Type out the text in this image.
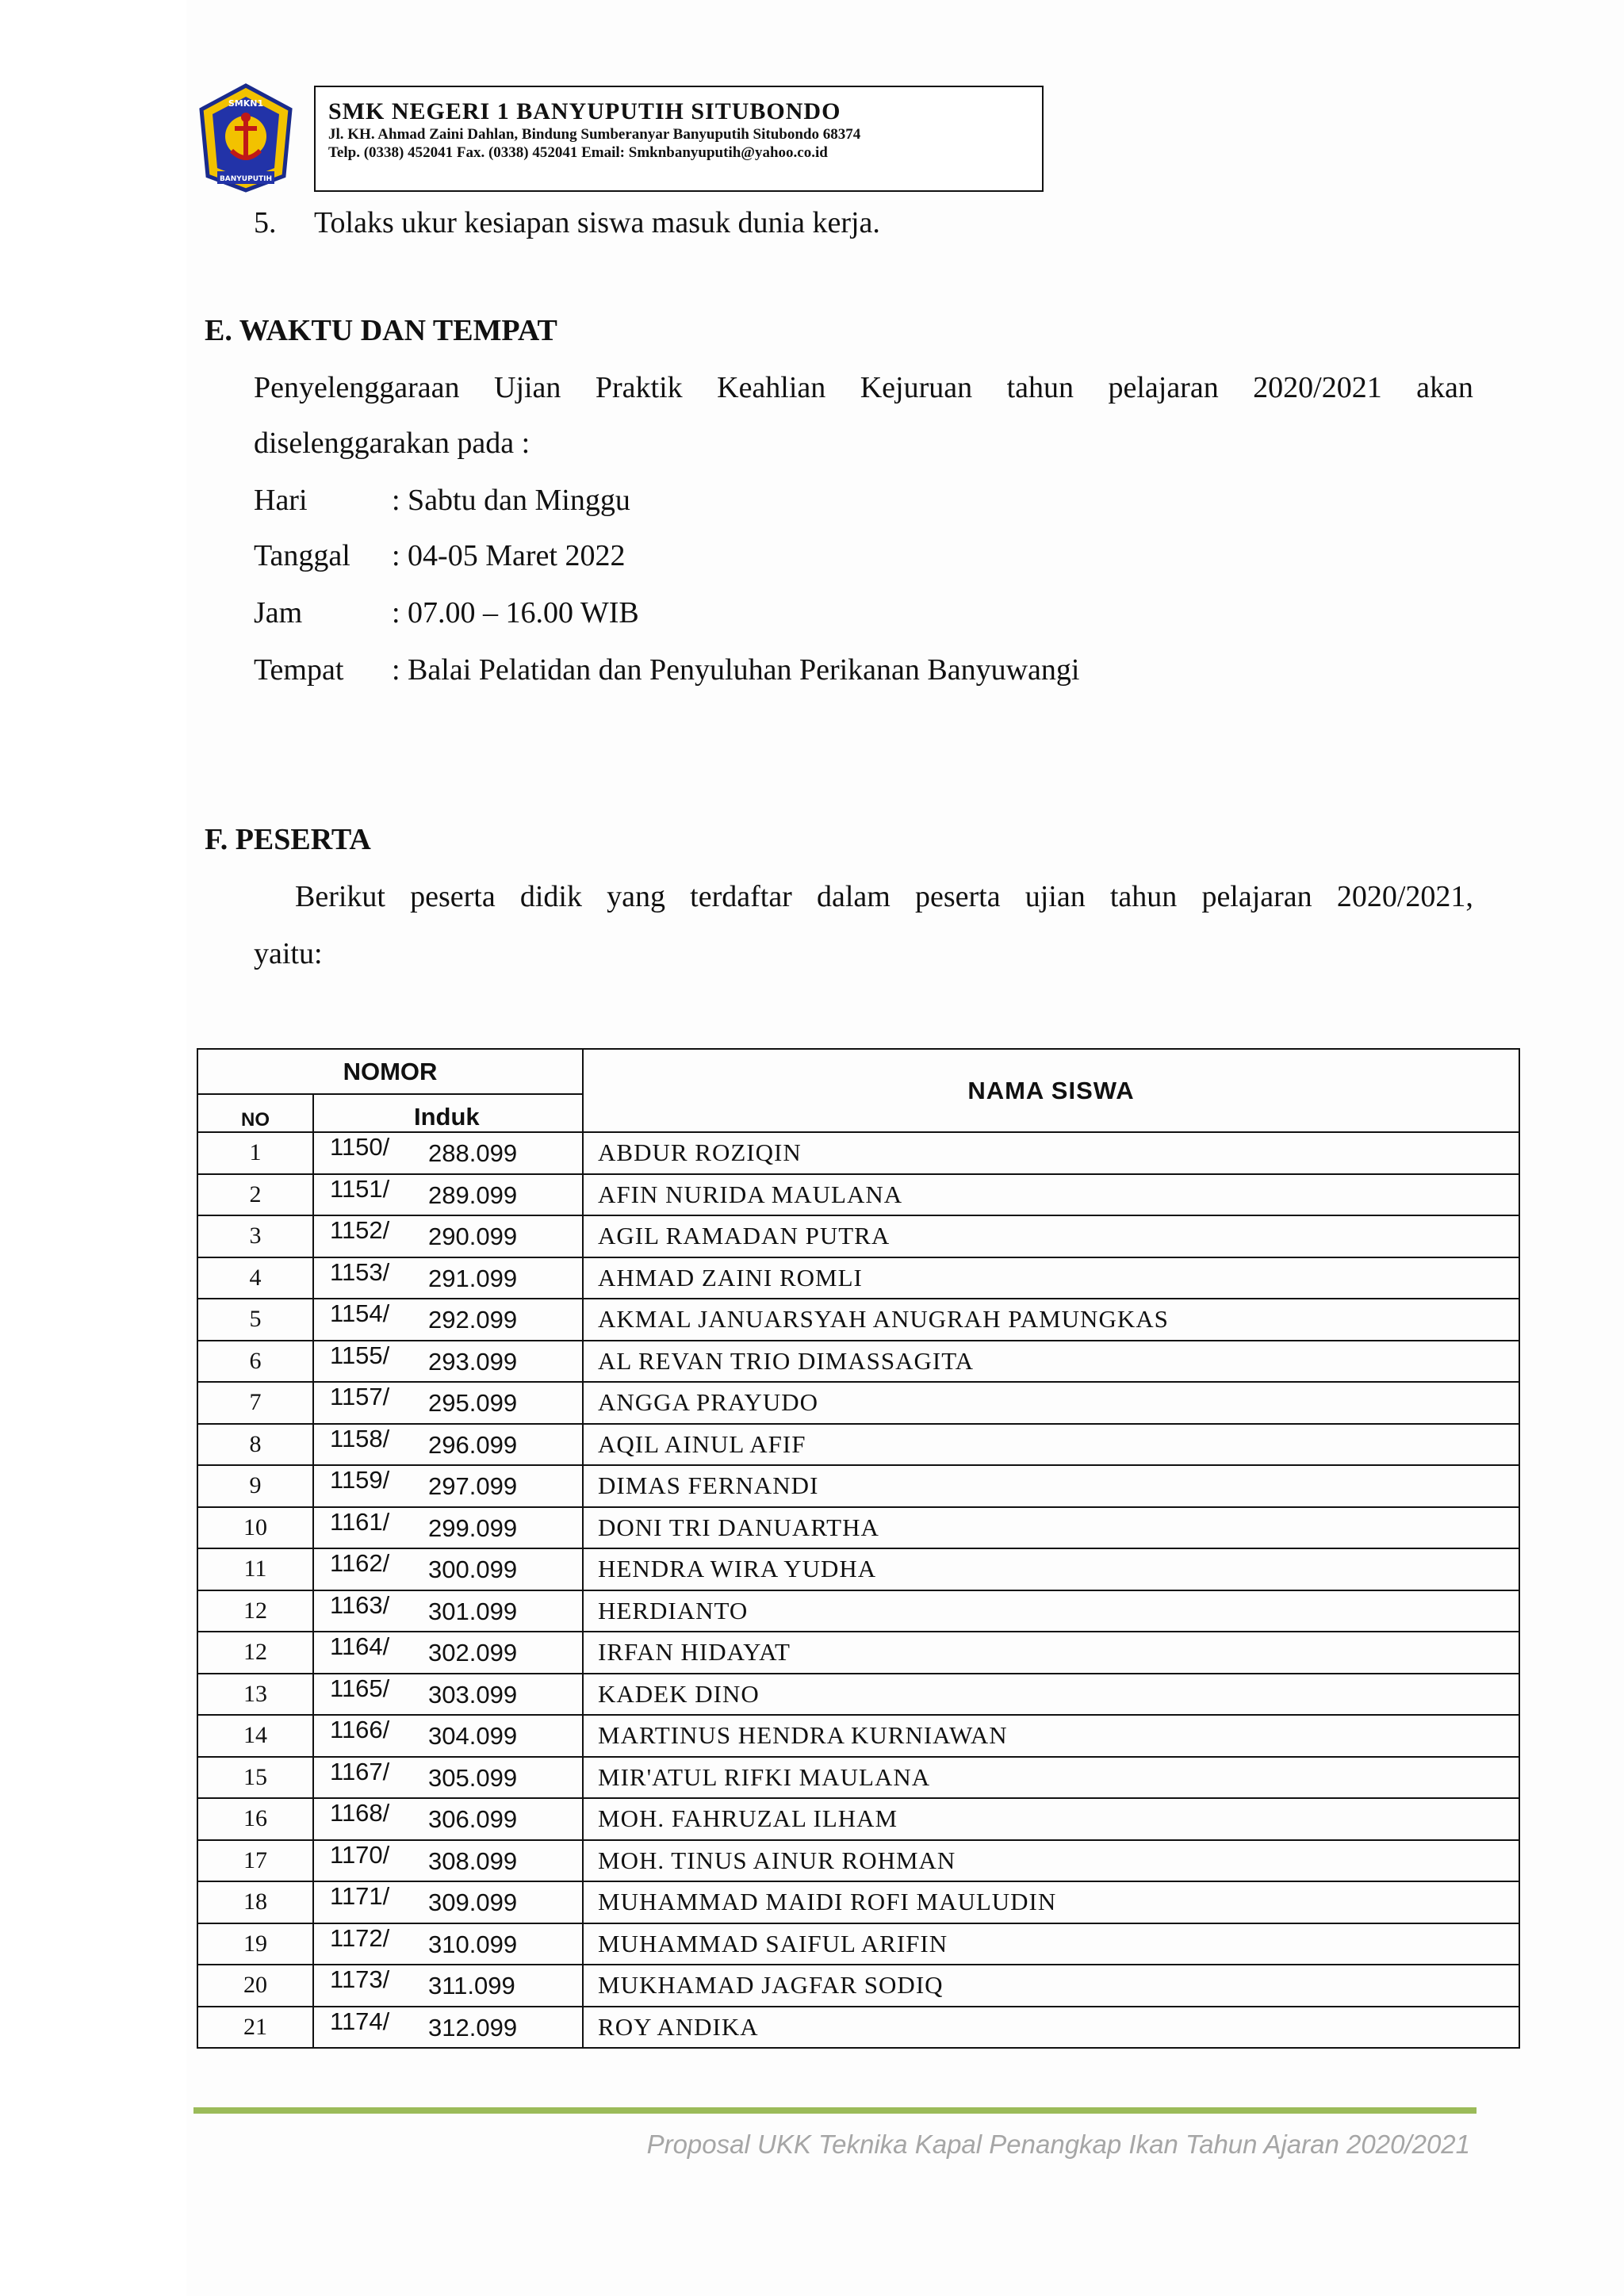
SMKN1
BANYUPUTIH
SMK NEGERI 1 BANYUPUTIH SITUBONDO
Jl. KH. Ahmad Zaini Dahlan, Bindung Sumberanyar Banyuputih Situbondo 68374
Telp. (0338) 452041 Fax. (0338) 452041 Email: Smknbanyuputih@yahoo.co.id
5. Tolaks ukur kesiapan siswa masuk dunia kerja.
E. WAKTU DAN TEMPAT
Penyelenggaraan Ujian Praktik Keahlian Kejuruan tahun pelajaran 2020/2021 akan
diselenggarakan pada :
Hari	: Sabtu dan Minggu
Tanggal : 04-05 Maret 2022
Jam	: 07.00 – 16.00 WIB
Tempat : Balai Pelatidan dan Penyuluhan Perikanan Banyuwangi
F. PESERTA
Berikut peserta didik yang terdaftar dalam peserta ujian tahun pelajaran 2020/2021,
yaitu:
NOMOR		NAMA SISWA
NO	Induk	
1	1150/ 288.099	ABDUR ROZIQIN
2	1151/ 289.099	AFIN NURIDA MAULANA
3	1152/ 290.099	AGIL RAMADAN PUTRA
4	1153/ 291.099	AHMAD ZAINI ROMLI
5	1154/ 292.099	AKMAL JANUARSYAH ANUGRAH PAMUNGKAS
6	1155/ 293.099	AL REVAN TRIO DIMASSAGITA
7	1157/ 295.099	ANGGA PRAYUDO
8	1158/ 296.099	AQIL AINUL AFIF
9	1159/ 297.099	DIMAS FERNANDI
10	1161/ 299.099	DONI TRI DANUARTHA
11	1162/ 300.099	HENDRA WIRA YUDHA
12	1163/ 301.099	HERDIANTO
12	1164/ 302.099	IRFAN HIDAYAT
13	1165/ 303.099	KADEK DINO
14	1166/ 304.099	MARTINUS HENDRA KURNIAWAN
15	1167/ 305.099	MIR'ATUL RIFKI MAULANA
16	1168/ 306.099	MOH. FAHRUZAL ILHAM
17	1170/ 308.099	MOH. TINUS AINUR ROHMAN
18	1171/ 309.099	MUHAMMAD MAIDI ROFI MAULUDIN
19	1172/ 310.099	MUHAMMAD SAIFUL ARIFIN
20	1173/ 311.099	MUKHAMAD JAGFAR SODIQ
21	1174/ 312.099	ROY ANDIKA
Proposal UKK Teknika Kapal Penangkap Ikan Tahun Ajaran 2020/2021
